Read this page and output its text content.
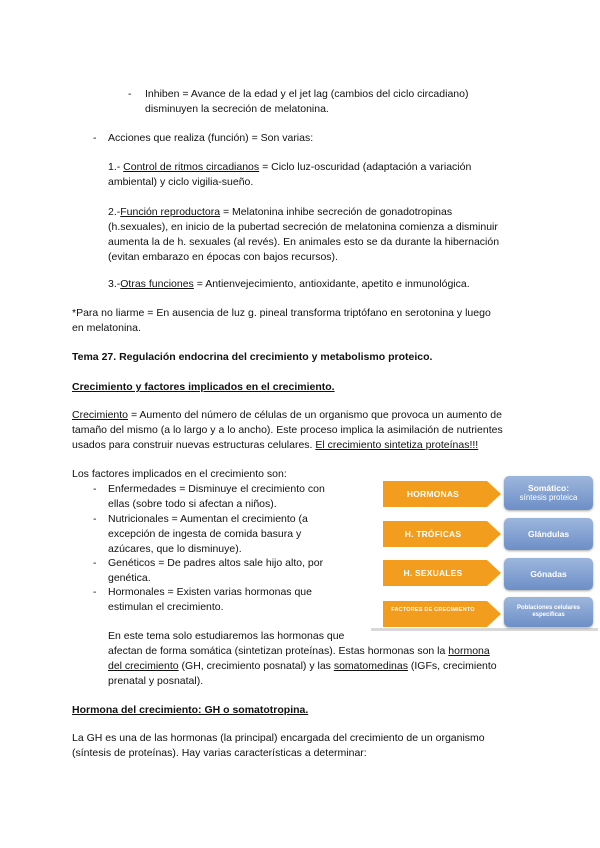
- Inhiben = Avance de la edad y el jet lag (cambios del ciclo circadiano)
disminuyen la secreción de melatonina.

- Acciones que realiza (función) = Son varias:

1.- Control de ritmos circadianos = Ciclo luz-oscuridad (adaptación a variación
ambiental) y ciclo vigilia-sueño.

2.-Función reproductora = Melatonina inhibe secreción de gonadotropinas
(h.sexuales), en inicio de la pubertad secreción de melatonina comienza a disminuir
aumenta la de h. sexuales (al revés). En animales esto se da durante la hibernación
(evitan embarazo en épocas con bajos recursos).

3.-Otras funciones = Antienvejecimiento, antioxidante, apetito e inmunológica.

*Para no liarme = En ausencia de luz g. pineal transforma triptófano en serotonina y luego
en melatonina.

Tema 27. Regulación endocrina del crecimiento y metabolismo proteico.

Crecimiento y factores implicados en el crecimiento.

Crecimiento = Aumento del número de células de un organismo que provoca un aumento de
tamaño del mismo (a lo largo y a lo ancho). Este proceso implica la asimilación de nutrientes
usados para construir nuevas estructuras celulares. El crecimiento sintetiza proteínas!!!

Los factores implicados en el crecimiento son:

- Enfermedades = Disminuye el crecimiento con
ellas (sobre todo si afectan a niños).

- Nutricionales = Aumentan el crecimiento (a
excepción de ingesta de comida basura y
azúcares, que lo disminuye).

- Genéticos = De padres altos sale hijo alto, por
genética.

- Hormonales = Existen varias hormonas que
estimulan el crecimiento.

En este tema solo estudiaremos las hormonas que
afectan de forma somática (sintetizan proteínas). Estas hormonas son la hormona
del crecimiento (GH, crecimiento posnatal) y las somatomedinas (IGFs, crecimiento
prenatal y posnatal).

Hormona del crecimiento: GH o somatotropina.

La GH es una de las hormonas (la principal) encargada del crecimiento de un organismo
(síntesis de proteínas). Hay varias características a determinar:

HORMONAS
H. TRÓFICAS
H. SEXUALES
FACTORES DE CRECIMIENTO
Somático:
síntesis proteica
Glándulas
Gónadas
Poblaciones celulares específicas
